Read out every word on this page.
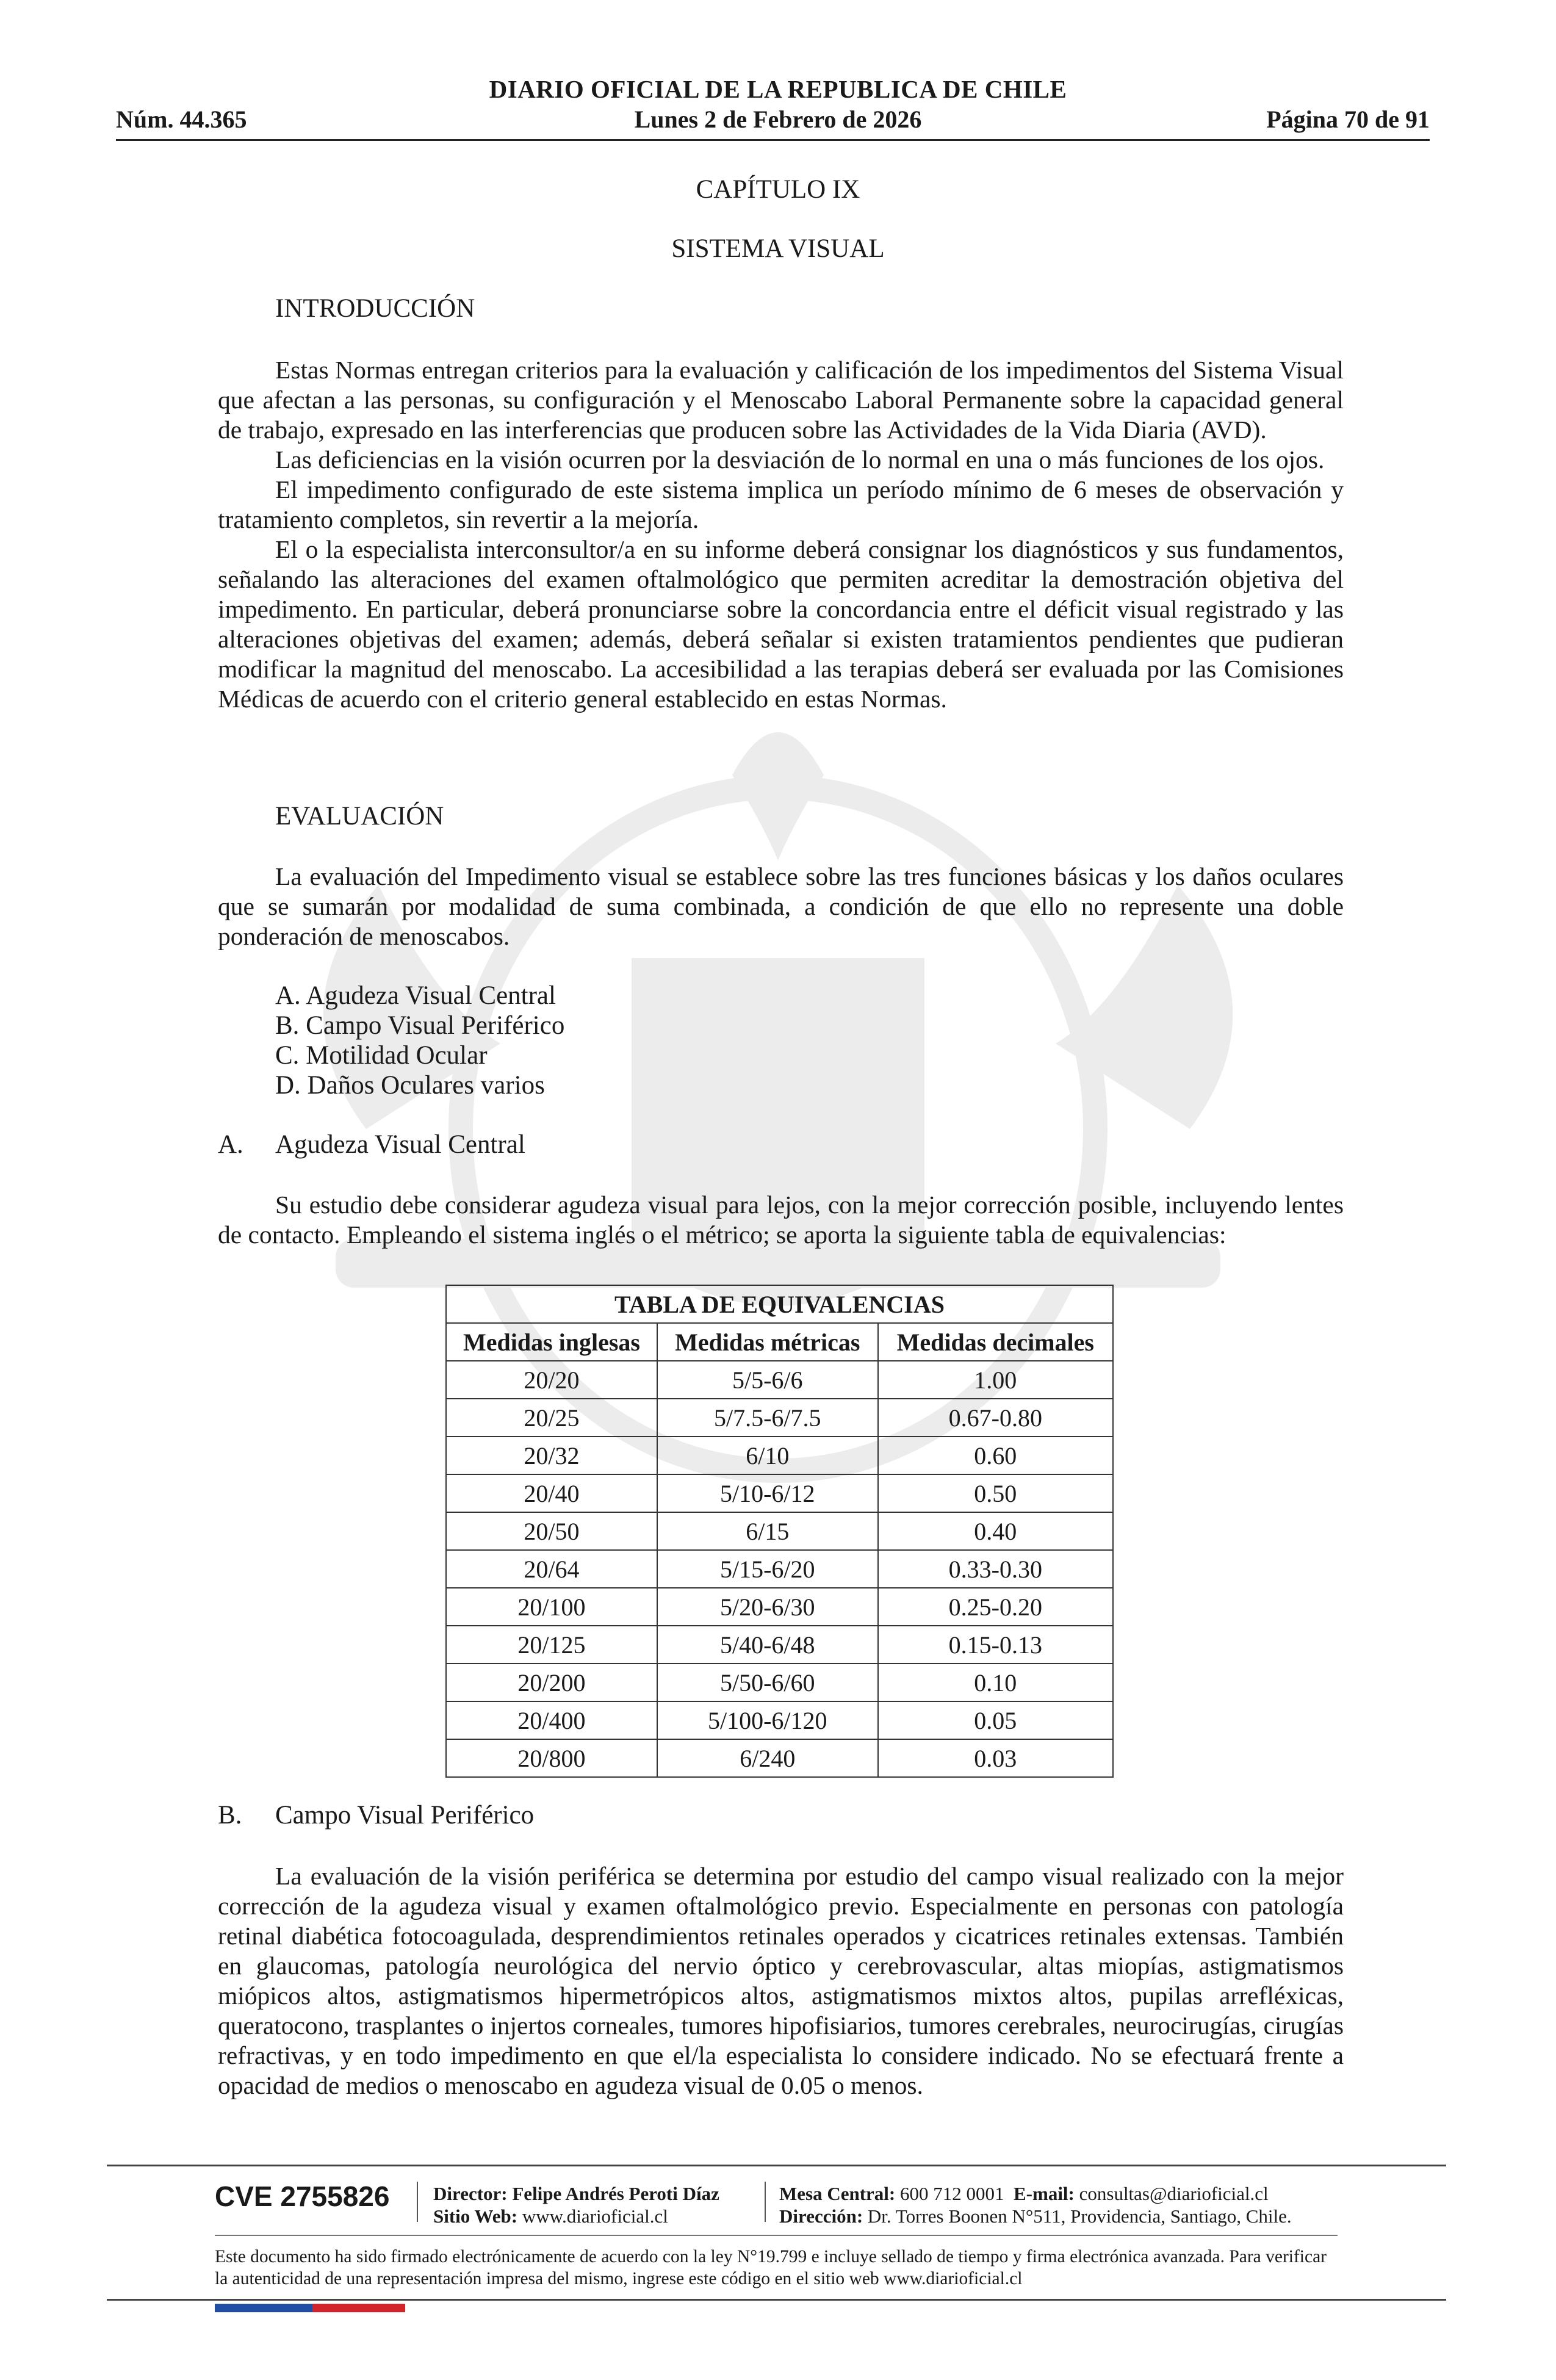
DIARIO OFICIAL DE LA REPUBLICA DE CHILE
Núm. 44.365	Lunes 2 de Febrero de 2026	Página 70 de 91
CAPÍTULO IX
SISTEMA VISUAL
INTRODUCCIÓN

Estas Normas entregan criterios para la evaluación y calificación de los impedimentos del Sistema Visual que afectan a las personas, su configuración y el Menoscabo Laboral Permanente sobre la capacidad general de trabajo, expresado en las interferencias que producen sobre las Actividades de la Vida Diaria (AVD).

Las deficiencias en la visión ocurren por la desviación de lo normal en una o más funciones de los ojos.

El impedimento configurado de este sistema implica un período mínimo de 6 meses de observación y tratamiento completos, sin revertir a la mejoría.

El o la especialista interconsultor/a en su informe deberá consignar los diagnósticos y sus fundamentos, señalando las alteraciones del examen oftalmológico que permiten acreditar la demostración objetiva del impedimento. En particular, deberá pronunciarse sobre la concordancia entre el déficit visual registrado y las alteraciones objetivas del examen; además, deberá señalar si existen tratamientos pendientes que pudieran modificar la magnitud del menoscabo. La accesibilidad a las terapias deberá ser evaluada por las Comisiones Médicas de acuerdo con el criterio general establecido en estas Normas.

EVALUACIÓN

La evaluación del Impedimento visual se establece sobre las tres funciones básicas y los daños oculares que se sumarán por modalidad de suma combinada, a condición de que ello no represente una doble ponderación de menoscabos.

A. Agudeza Visual Central
B. Campo Visual Periférico
C. Motilidad Ocular
D. Daños Oculares varios
A. Agudeza Visual Central

Su estudio debe considerar agudeza visual para lejos, con la mejor corrección posible, incluyendo lentes de contacto. Empleando el sistema inglés o el métrico; se aporta la siguiente tabla de equivalencias:

TABLA DE EQUIVALENCIAS		
Medidas inglesas	Medidas métricas	Medidas decimales
20/20	5/5-6/6	1.00
20/25	5/7.5-6/7.5	0.67-0.80
20/32	6/10	0.60
20/40	5/10-6/12	0.50
20/50	6/15	0.40
20/64	5/15-6/20	0.33-0.30
20/100	5/20-6/30	0.25-0.20
20/125	5/40-6/48	0.15-0.13
20/200	5/50-6/60	0.10
20/400	5/100-6/120	0.05
20/800	6/240	0.03
B. Campo Visual Periférico

La evaluación de la visión periférica se determina por estudio del campo visual realizado con la mejor corrección de la agudeza visual y examen oftalmológico previo. Especialmente en personas con patología retinal diabética fotocoagulada, desprendimientos retinales operados y cicatrices retinales extensas. También en glaucomas, patología neurológica del nervio óptico y cerebrovascular, altas miopías, astigmatismos miópicos altos, astigmatismos hipermetrópicos altos, astigmatismos mixtos altos, pupilas arrefléxicas, queratocono, trasplantes o injertos corneales, tumores hipofisiarios, tumores cerebrales, neurocirugías, cirugías refractivas, y en todo impedimento en que el/la especialista lo considere indicado. No se efectuará frente a opacidad de medios o menoscabo en agudeza visual de 0.05 o menos.

CVE 2755826 Director: Felipe Andrés Peroti Díaz
Sitio Web: www.diarioficial.cl
Mesa Central: 600 712 0001 E-mail: consultas@diarioficial.cl
Dirección: Dr. Torres Boonen N°511, Providencia, Santiago, Chile.
Este documento ha sido firmado electrónicamente de acuerdo con la ley N°19.799 e incluye sellado de tiempo y firma electrónica avanzada. Para verificar la autenticidad de una representación impresa del mismo, ingrese este código en el sitio web www.diarioficial.cl
